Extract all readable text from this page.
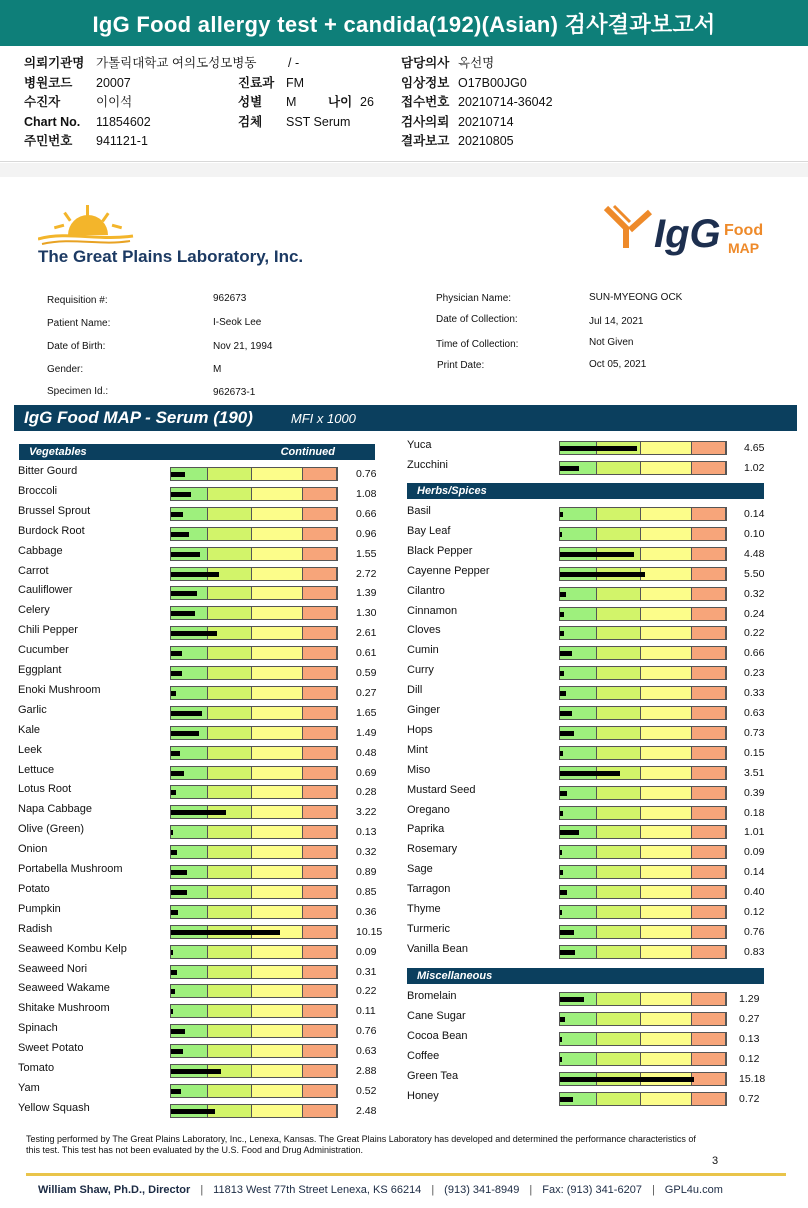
IgG Food allergy test + candida(192)(Asian) 검사결과보고서
의뢰기관명 가톨릭대학교 여의도성모병동
병원코드	20007
수진자	이이석
Chart No.	11854602
주민번호	941121-1
/ -
진료과 FM
성별	M	나이 26
검체	SST Serum
담당의사 옥선명
임상정보 O17B00JG0
접수번호 20210714-36042
검사의뢰 20210714
결과보고 20210805
The Great Plains Laboratory, Inc.
IgG Food
MAP
Requisition #:	962673
Patient Name:	I-Seok Lee
Date of Birth:	Nov 21, 1994
Gender:	M
Specimen Id.:	962673-1
Physician Name:	SUN-MYEONG OCK
Date of Collection:	Jul 14, 2021
Time of Collection:	Not Given
Print Date:	Oct 05, 2021
IgG Food MAP - Serum (190)	MFI x 1000
Vegetables	Continued
Herbs/Spices
Miscellaneous
Bitter Gourd	0.76
Broccoli	1.08
Brussel Sprout	0.66
Burdock Root	0.96
Cabbage	1.55
Carrot	2.72
Cauliflower	1.39
Celery	1.30
Chili Pepper	2.61
Cucumber	0.61
Eggplant	0.59
Enoki Mushroom	0.27
Garlic	1.65
Kale	1.49
Leek	0.48
Lettuce	0.69
Lotus Root	0.28
Napa Cabbage	3.22
Olive (Green)	0.13
Onion	0.32
Portabella Mushroom	0.89
Potato	0.85
Pumpkin	0.36
Radish	10.15
Seaweed Kombu Kelp	0.09
Seaweed Nori	0.31
Seaweed Wakame	0.22
Shitake Mushroom	0.11
Spinach	0.76
Sweet Potato	0.63
Tomato	2.88
Yam	0.52
Yellow Squash	2.48
Yuca	4.65
Zucchini	1.02
Basil	0.14
Bay Leaf	0.10
Black Pepper	4.48
Cayenne Pepper	5.50
Cilantro	0.32
Cinnamon	0.24
Cloves	0.22
Cumin	0.66
Curry	0.23
Dill	0.33
Ginger	0.63
Hops	0.73
Mint	0.15
Miso	3.51
Mustard Seed	0.39
Oregano	0.18
Paprika	1.01
Rosemary	0.09
Sage	0.14
Tarragon	0.40
Thyme	0.12
Turmeric	0.76
Vanilla Bean	0.83
Bromelain	1.29
Cane Sugar	0.27
Cocoa Bean	0.13
Coffee	0.12
Green Tea	15.18
Honey	0.72
Testing performed by The Great Plains Laboratory, Inc., Lenexa, Kansas. The Great Plains Laboratory has developed and determined the performance characteristics of this test. This test has not been evaluated by the U.S. Food and Drug Administration.
3
William Shaw, Ph.D., Director | 11813 West 77th Street Lenexa, KS 66214 | (913) 341-8949 | Fax: (913) 341-6207 | GPL4u.com
